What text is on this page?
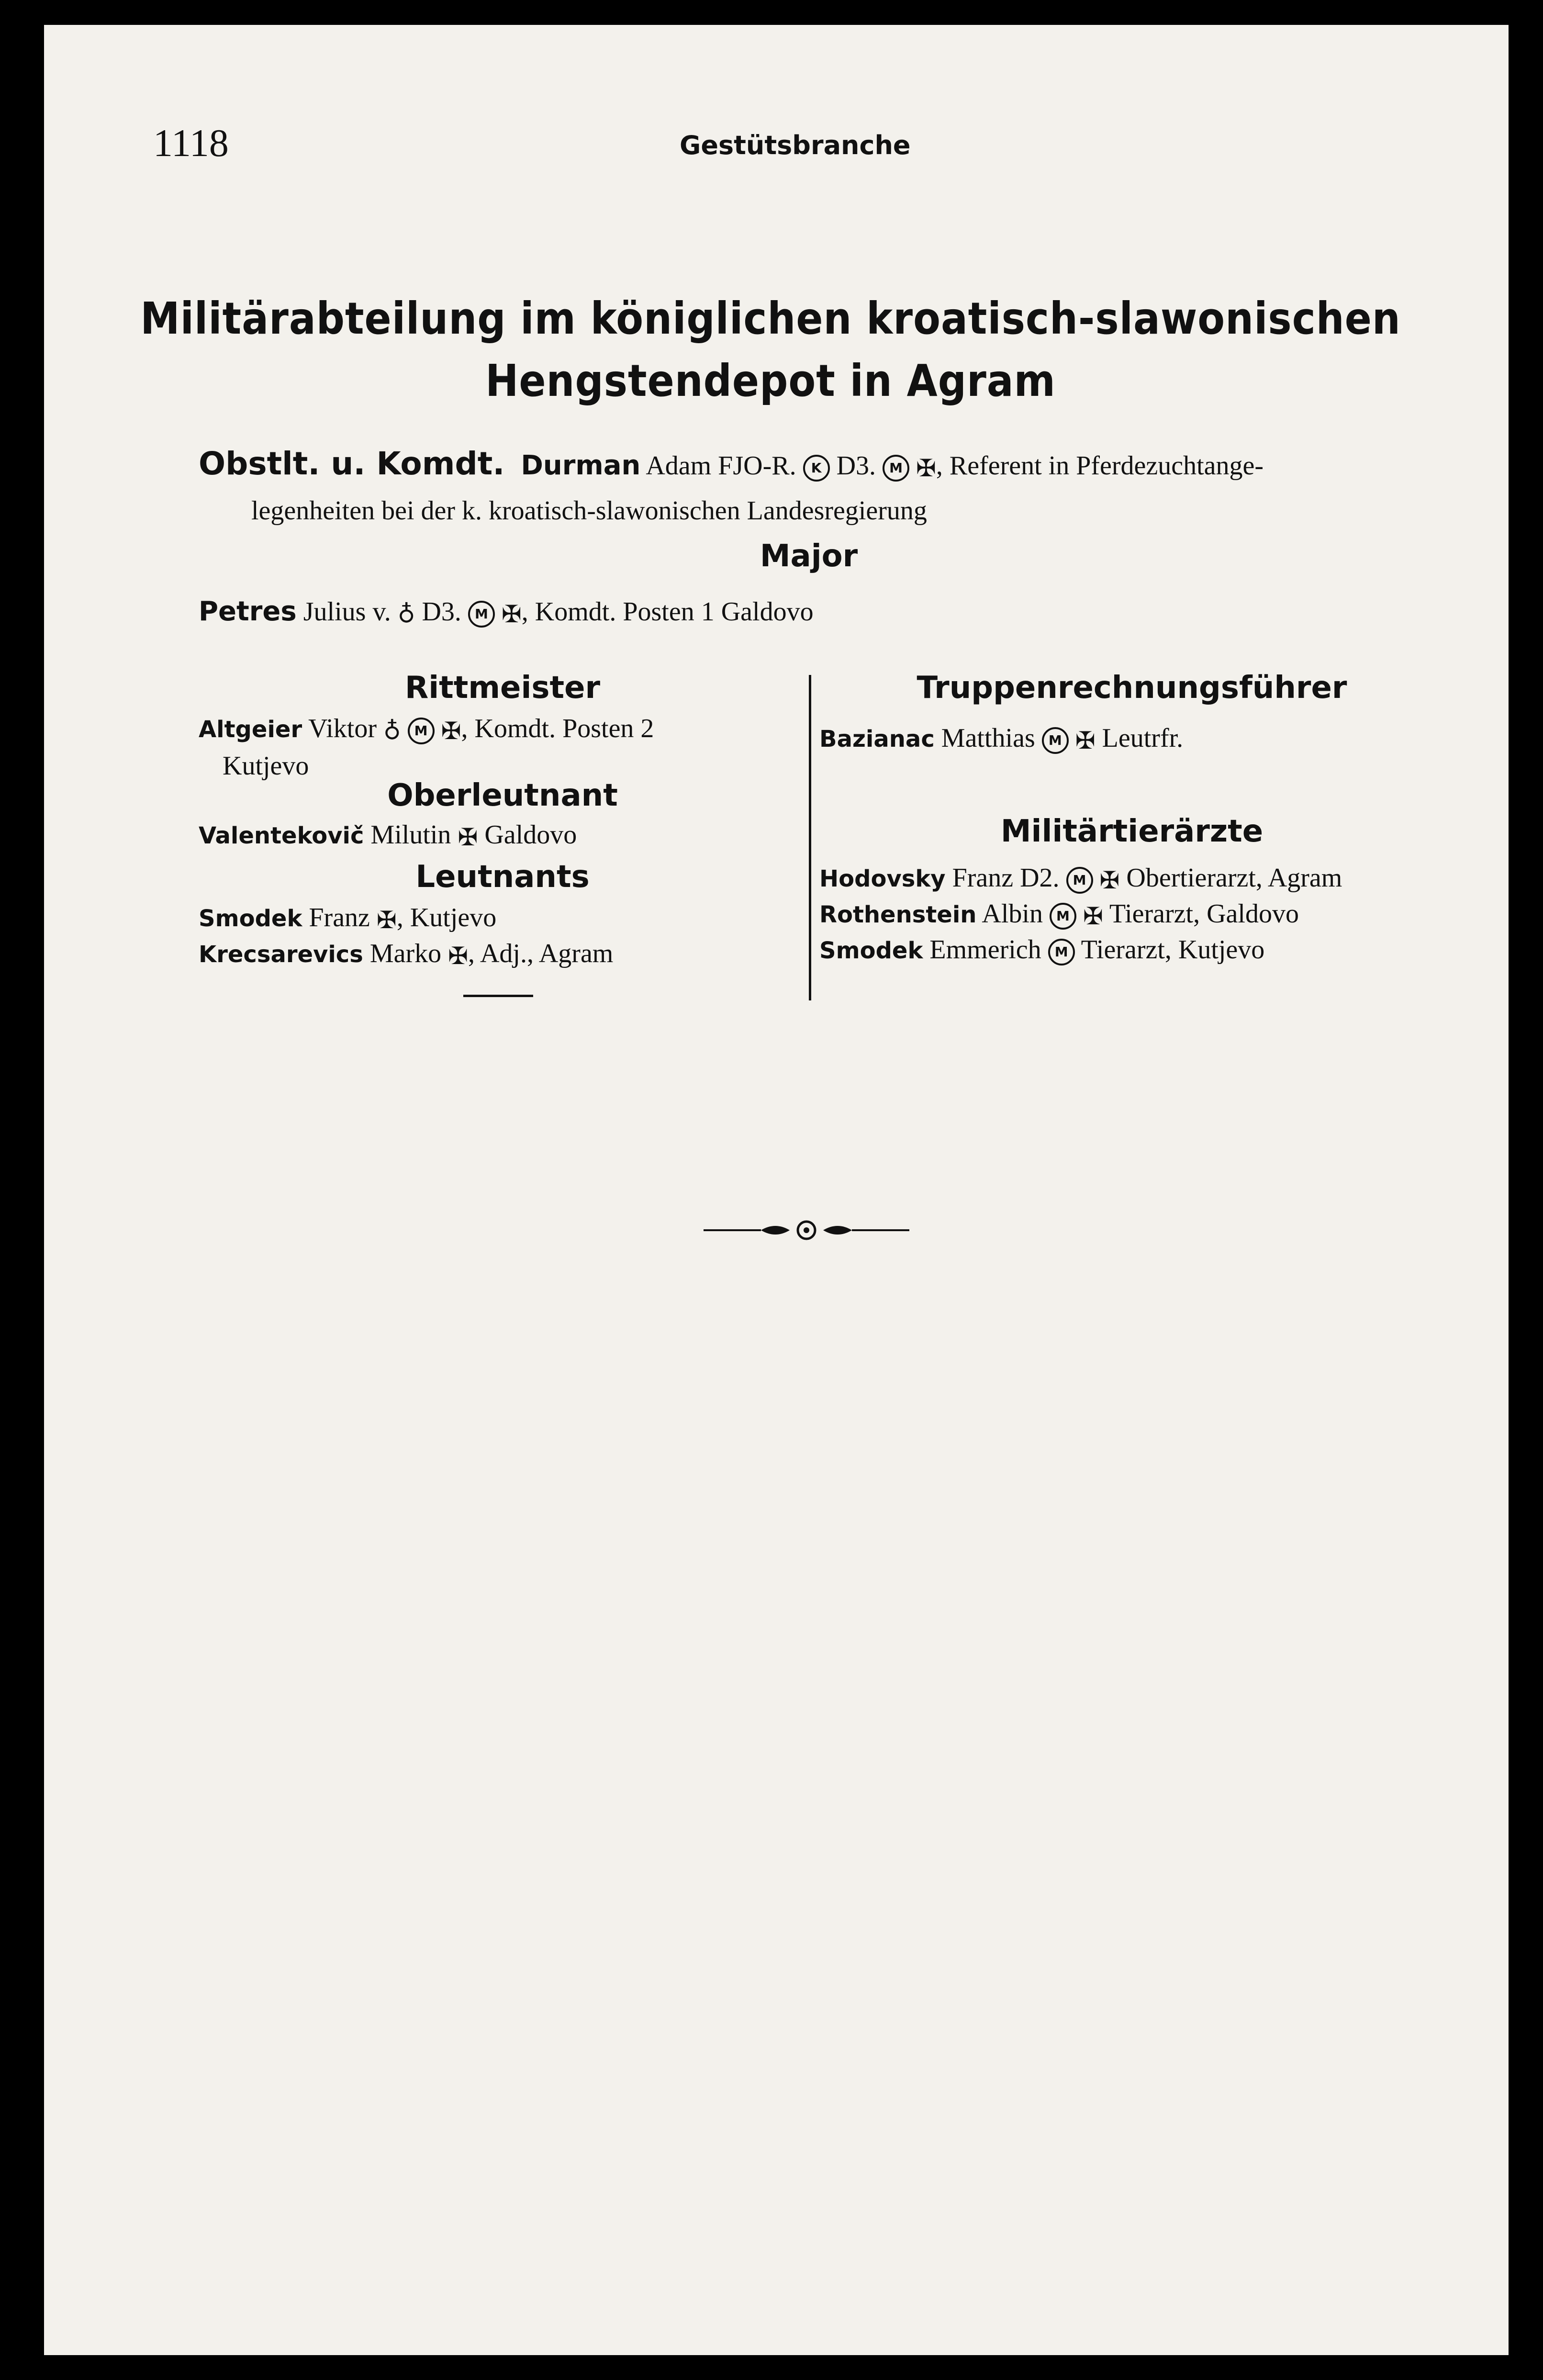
1118	Gestütsbranche
Militärabteilung im königlichen kroatisch-slawonischen
Hengstendepot in Agram
Obstlt. u. Komdt. Durman Adam FJO-R. K D3. M ✠, Referent in Pferdezuchtange-
legenheiten bei der k. kroatisch-slawonischen Landesregierung
Major
Petres Julius v. ♁ D3. M ✠, Komdt. Posten 1 Galdovo
Rittmeister
Altgeier Viktor ♁ M ✠, Komdt. Posten 2
Kutjevo
Oberleutnant
Valentekovič Milutin ✠ Galdovo
Leutnants
Smodek Franz ✠, Kutjevo
Krecsarevics Marko ✠, Adj., Agram
Truppenrechnungsführer
Bazianac Matthias M ✠ Leutrfr.
Militärtierärzte
Hodovsky Franz D2. M ✠ Obertierarzt, Agram
Rothenstein Albin M ✠ Tierarzt, Galdovo
Smodek Emmerich M Tierarzt, Kutjevo
